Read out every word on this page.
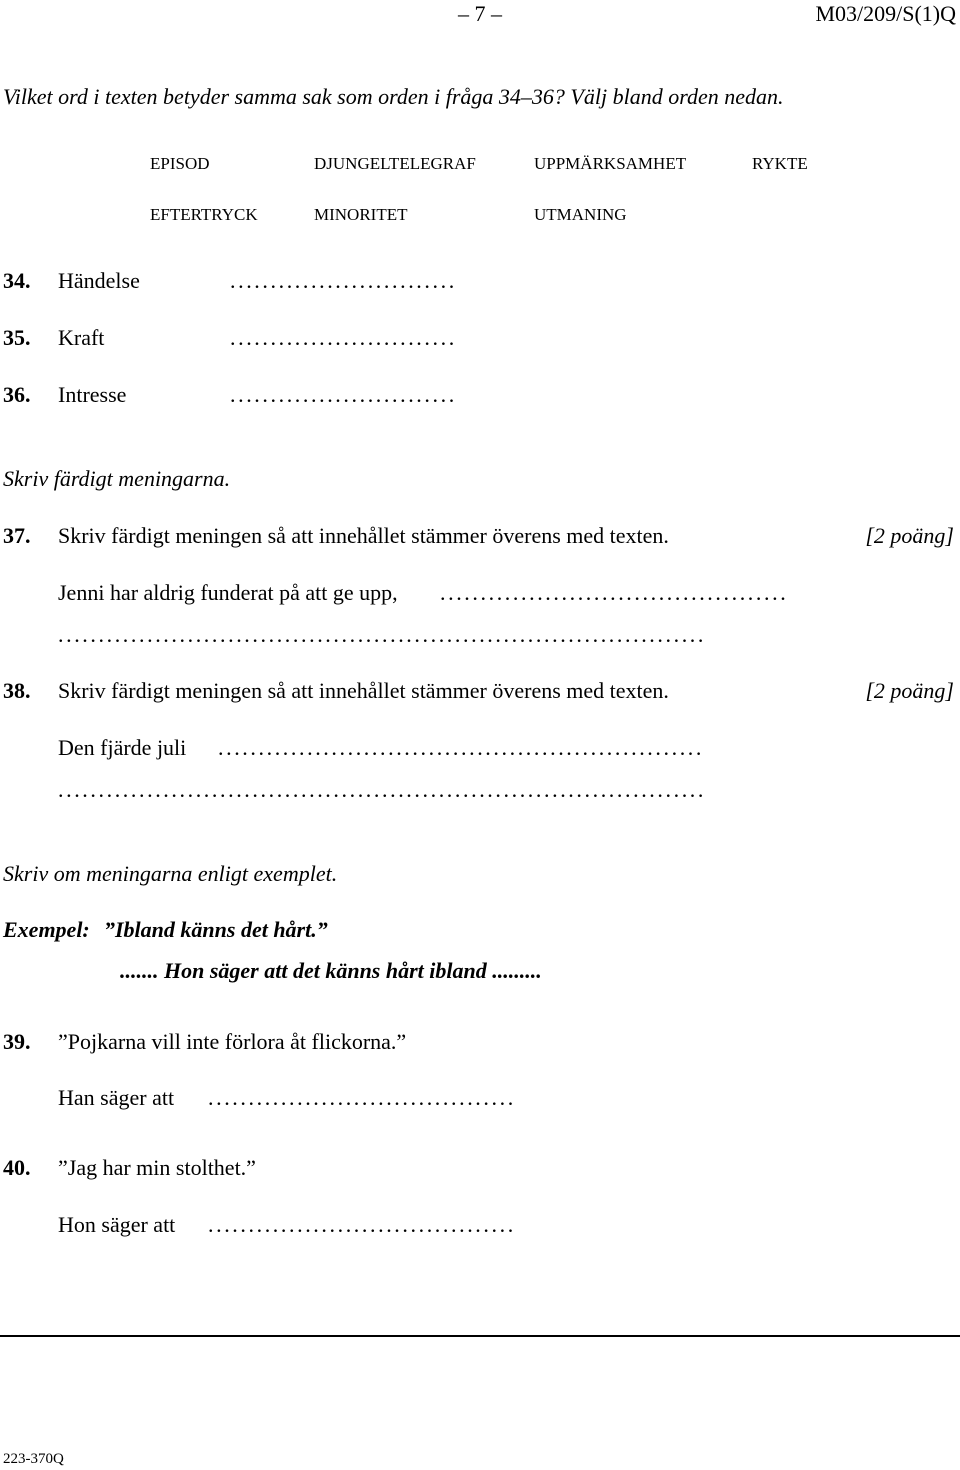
– 7 –	M03/209/S(1)Q
Vilket ord i texten betyder samma sak som orden i fråga 34–36? Välj bland orden nedan.
EPISOD	DJUNGELTELEGRAF	UPPMÄRKSAMHET	RYKTE
EFTERTRYCK	MINORITET	UTMANING
34. Händelse	............................
35. Kraft	............................
36. Intresse	............................
Skriv färdigt meningarna.
37. Skriv färdigt meningen så att innehållet stämmer överens med texten.	[2 poäng]
Jenni har aldrig funderat på att ge upp, ...........................................
................................................................................
38. Skriv färdigt meningen så att innehållet stämmer överens med texten.	[2 poäng]
Den fjärde juli ............................................................
................................................................................
Skriv om meningarna enligt exemplet.
Exempel: ”Ibland känns det hårt.”
....... Hon säger att det känns hårt ibland .........
39. ”Pojkarna vill inte förlora åt flickorna.”
Han säger att ......................................
40. ”Jag har min stolthet.”
Hon säger att ......................................
223-370Q
